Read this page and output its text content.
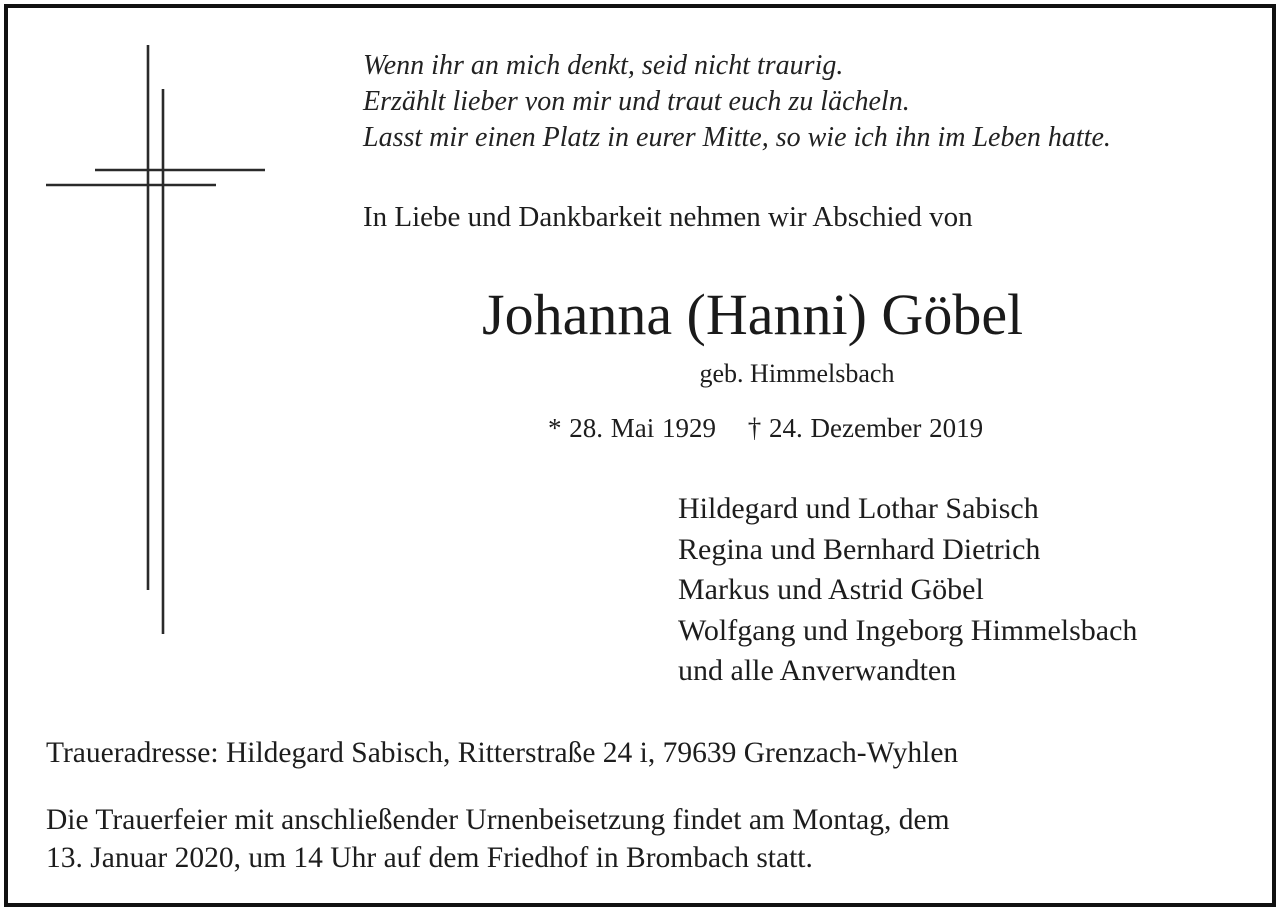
Wenn ihr an mich denkt, seid nicht traurig.
Erzählt lieber von mir und traut euch zu lächeln.
Lasst mir einen Platz in eurer Mitte, so wie ich ihn im Leben hatte.
In Liebe und Dankbarkeit nehmen wir Abschied von
Johanna (Hanni) Göbel
geb. Himmelsbach
* 28. Mai 1929 † 24. Dezember 2019
Hildegard und Lothar Sabisch
Regina und Bernhard Dietrich
Markus und Astrid Göbel
Wolfgang und Ingeborg Himmelsbach
und alle Anverwandten
Traueradresse: Hildegard Sabisch, Ritterstraße 24 i, 79639 Grenzach-Wyhlen
Die Trauerfeier mit anschließender Urnenbeisetzung findet am Montag, dem
13. Januar 2020, um 14 Uhr auf dem Friedhof in Brombach statt.
